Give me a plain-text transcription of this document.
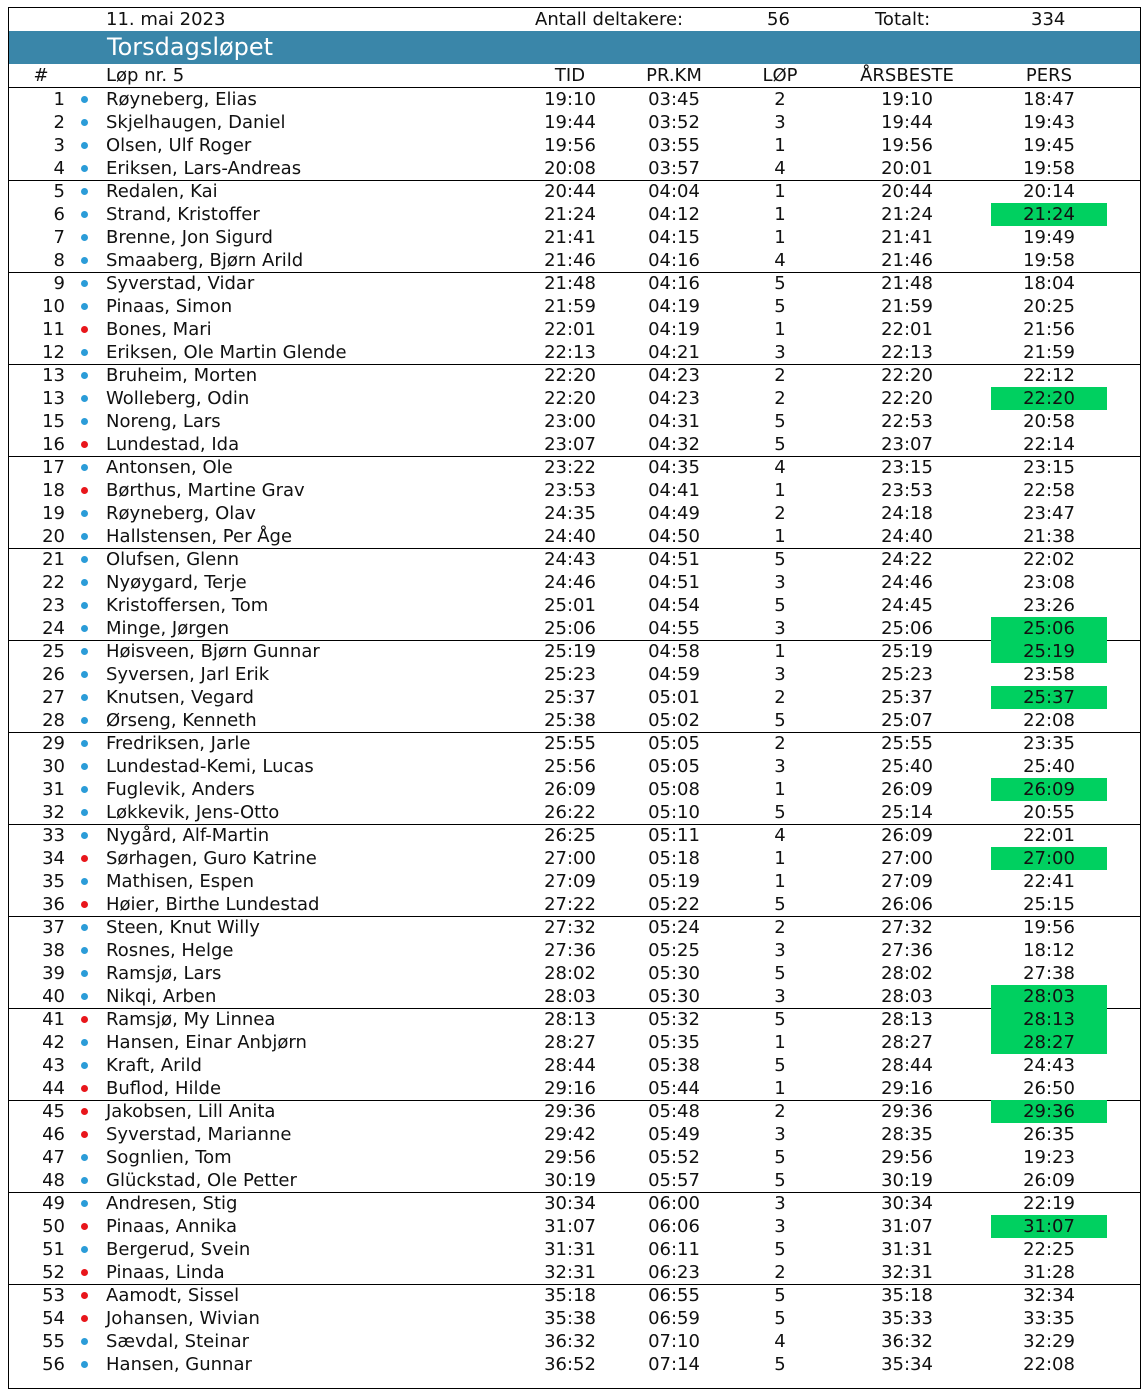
11. mai 2023	Antall deltakere:	56	Totalt:	334
Torsdagsløpet
#	Løp nr. 5	TID	PR.KM	LØP	ÅRSBESTE	PERS
1 Røyneberg, Elias	19:10	03:45	2	19:10	18:47
2 Skjelhaugen, Daniel	19:44	03:52	3	19:44	19:43
3 Olsen, Ulf Roger	19:56	03:55	1	19:56	19:45
4 Eriksen, Lars-Andreas	20:08	03:57	4	20:01	19:58
5 Redalen, Kai	20:44	04:04	1	20:44	20:14
6 Strand, Kristoffer	21:24	04:12	1	21:24	21:24
7 Brenne, Jon Sigurd	21:41	04:15	1	21:41	19:49
8 Smaaberg, Bjørn Arild	21:46	04:16	4	21:46	19:58
9 Syverstad, Vidar	21:48	04:16	5	21:48	18:04
10 Pinaas, Simon	21:59	04:19	5	21:59	20:25
11 Bones, Mari	22:01	04:19	1	22:01	21:56
12 Eriksen, Ole Martin Glende	22:13	04:21	3	22:13	21:59
13 Bruheim, Morten	22:20	04:23	2	22:20	22:12
13 Wolleberg, Odin	22:20	04:23	2	22:20	22:20
15 Noreng, Lars	23:00	04:31	5	22:53	20:58
16 Lundestad, Ida	23:07	04:32	5	23:07	22:14
17 Antonsen, Ole	23:22	04:35	4	23:15	23:15
18 Børthus, Martine Grav	23:53	04:41	1	23:53	22:58
19 Røyneberg, Olav	24:35	04:49	2	24:18	23:47
20 Hallstensen, Per Åge	24:40	04:50	1	24:40	21:38
21 Olufsen, Glenn	24:43	04:51	5	24:22	22:02
22 Nyøygard, Terje	24:46	04:51	3	24:46	23:08
23 Kristoffersen, Tom	25:01	04:54	5	24:45	23:26
24 Minge, Jørgen	25:06	04:55	3	25:06	25:06
25 Høisveen, Bjørn Gunnar	25:19	04:58	1	25:19	25:19
26 Syversen, Jarl Erik	25:23	04:59	3	25:23	23:58
27 Knutsen, Vegard	25:37	05:01	2	25:37	25:37
28 Ørseng, Kenneth	25:38	05:02	5	25:07	22:08
29 Fredriksen, Jarle	25:55	05:05	2	25:55	23:35
30 Lundestad-Kemi, Lucas	25:56	05:05	3	25:40	25:40
31 Fuglevik, Anders	26:09	05:08	1	26:09	26:09
32 Løkkevik, Jens-Otto	26:22	05:10	5	25:14	20:55
33 Nygård, Alf-Martin	26:25	05:11	4	26:09	22:01
34 Sørhagen, Guro Katrine	27:00	05:18	1	27:00	27:00
35 Mathisen, Espen	27:09	05:19	1	27:09	22:41
36 Høier, Birthe Lundestad	27:22	05:22	5	26:06	25:15
37 Steen, Knut Willy	27:32	05:24	2	27:32	19:56
38 Rosnes, Helge	27:36	05:25	3	27:36	18:12
39 Ramsjø, Lars	28:02	05:30	5	28:02	27:38
40 Nikqi, Arben	28:03	05:30	3	28:03	28:03
41 Ramsjø, My Linnea	28:13	05:32	5	28:13	28:13
42 Hansen, Einar Anbjørn	28:27	05:35	1	28:27	28:27
43 Kraft, Arild	28:44	05:38	5	28:44	24:43
44 Buflod, Hilde	29:16	05:44	1	29:16	26:50
45 Jakobsen, Lill Anita	29:36	05:48	2	29:36	29:36
46 Syverstad, Marianne	29:42	05:49	3	28:35	26:35
47 Sognlien, Tom	29:56	05:52	5	29:56	19:23
48 Glückstad, Ole Petter	30:19	05:57	5	30:19	26:09
49 Andresen, Stig	30:34	06:00	3	30:34	22:19
50 Pinaas, Annika	31:07	06:06	3	31:07	31:07
51 Bergerud, Svein	31:31	06:11	5	31:31	22:25
52 Pinaas, Linda	32:31	06:23	2	32:31	31:28
53 Aamodt, Sissel	35:18	06:55	5	35:18	32:34
54 Johansen, Wivian	35:38	06:59	5	35:33	33:35
55 Sævdal, Steinar	36:32	07:10	4	36:32	32:29
56 Hansen, Gunnar	36:52	07:14	5	35:34	22:08
